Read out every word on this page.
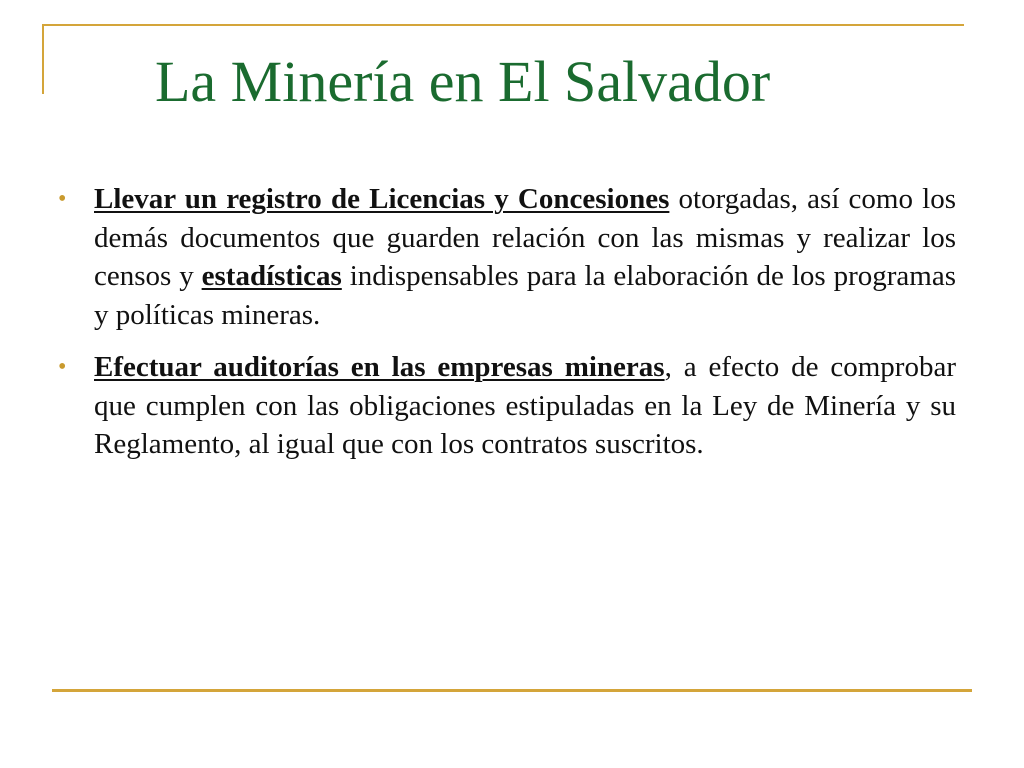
La Minería en El Salvador
• Llevar un registro de Licencias y Concesiones otorgadas, así como los demás documentos que guarden relación con las mismas y realizar los censos y estadísticas indispensables para la elaboración de los programas y políticas mineras.

• Efectuar auditorías en las empresas mineras, a efecto de comprobar que cumplen con las obligaciones estipuladas en la Ley de Minería y su Reglamento, al igual que con los contratos suscritos.
